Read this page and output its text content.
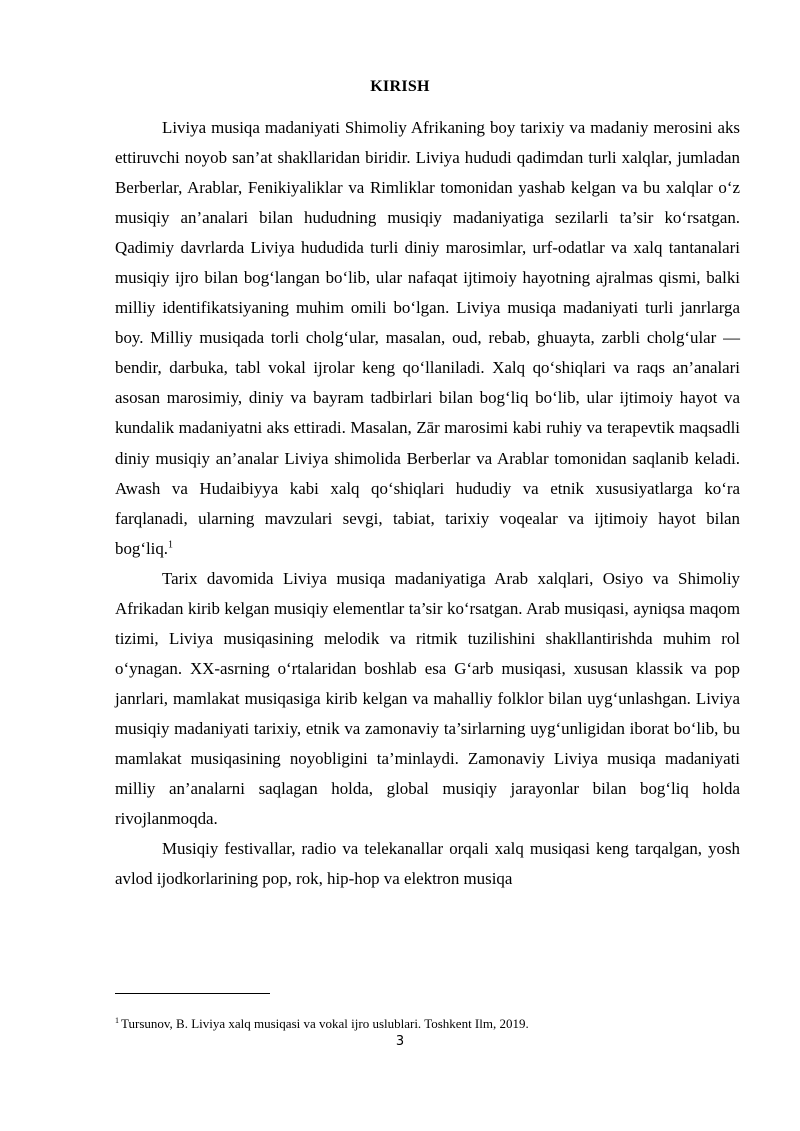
KIRISH

Liviya musiqa madaniyati Shimoliy Afrikaning boy tarixiy va madaniy merosini aks ettiruvchi noyob san’at shakllaridan biridir. Liviya hududi qadimdan turli xalqlar, jumladan Berberlar, Arablar, Fenikiyaliklar va Rimliklar tomonidan yashab kelgan va bu xalqlar o‘z musiqiy an’analari bilan hududning musiqiy madaniyatiga sezilarli ta’sir ko‘rsatgan. Qadimiy davrlarda Liviya hududida turli diniy marosimlar, urf-odatlar va xalq tantanalari musiqiy ijro bilan bog‘langan bo‘lib, ular nafaqat ijtimoiy hayotning ajralmas qismi, balki milliy identifikatsiyaning muhim omili bo‘lgan. Liviya musiqa madaniyati turli janrlarga boy. Milliy musiqada torli cholg‘ular, masalan, oud, rebab, ghuayta, zarbli cholg‘ular — bendir, darbuka, tabl vokal ijrolar keng qo‘llaniladi. Xalq qo‘shiqlari va raqs an’analari asosan marosimiy, diniy va bayram tadbirlari bilan bog‘liq bo‘lib, ular ijtimoiy hayot va kundalik madaniyatni aks ettiradi. Masalan, Zār marosimi kabi ruhiy va terapevtik maqsadli diniy musiqiy an’analar Liviya shimolida Berberlar va Arablar tomonidan saqlanib keladi. Awash va Hudaibiyya kabi xalq qo‘shiqlari hududiy va etnik xususiyatlarga ko‘ra farqlanadi, ularning mavzulari sevgi, tabiat, tarixiy voqealar va ijtimoiy hayot bilan bog‘liq.$^1$

Tarix davomida Liviya musiqa madaniyatiga Arab xalqlari, Osiyo va Shimoliy Afrikadan kirib kelgan musiqiy elementlar ta’sir ko‘rsatgan. Arab musiqasi, ayniqsa maqom tizimi, Liviya musiqasining melodik va ritmik tuzilishini shakllantirishda muhim rol o‘ynagan. XX-asrning o‘rtalaridan boshlab esa G‘arb musiqasi, xususan klassik va pop janrlari, mamlakat musiqasiga kirib kelgan va mahalliy folklor bilan uyg‘unlashgan. Liviya musiqiy madaniyati tarixiy, etnik va zamonaviy ta’sirlarning uyg‘unligidan iborat bo‘lib, bu mamlakat musiqasining noyobligini ta’minlaydi. Zamonaviy Liviya musiqa madaniyati milliy an’analarni saqlagan holda, global musiqiy jarayonlar bilan bog‘liq holda rivojlanmoqda.

Musiqiy festivallar, radio va telekanallar orqali xalq musiqasi keng tarqalgan, yosh avlod ijodkorlarining pop, rok, hip-hop va elektron musiqa

$^1$ Tursunov, B. Liviya xalq musiqasi va vokal ijro uslublari. Toshkent Ilm, 2019.
3
